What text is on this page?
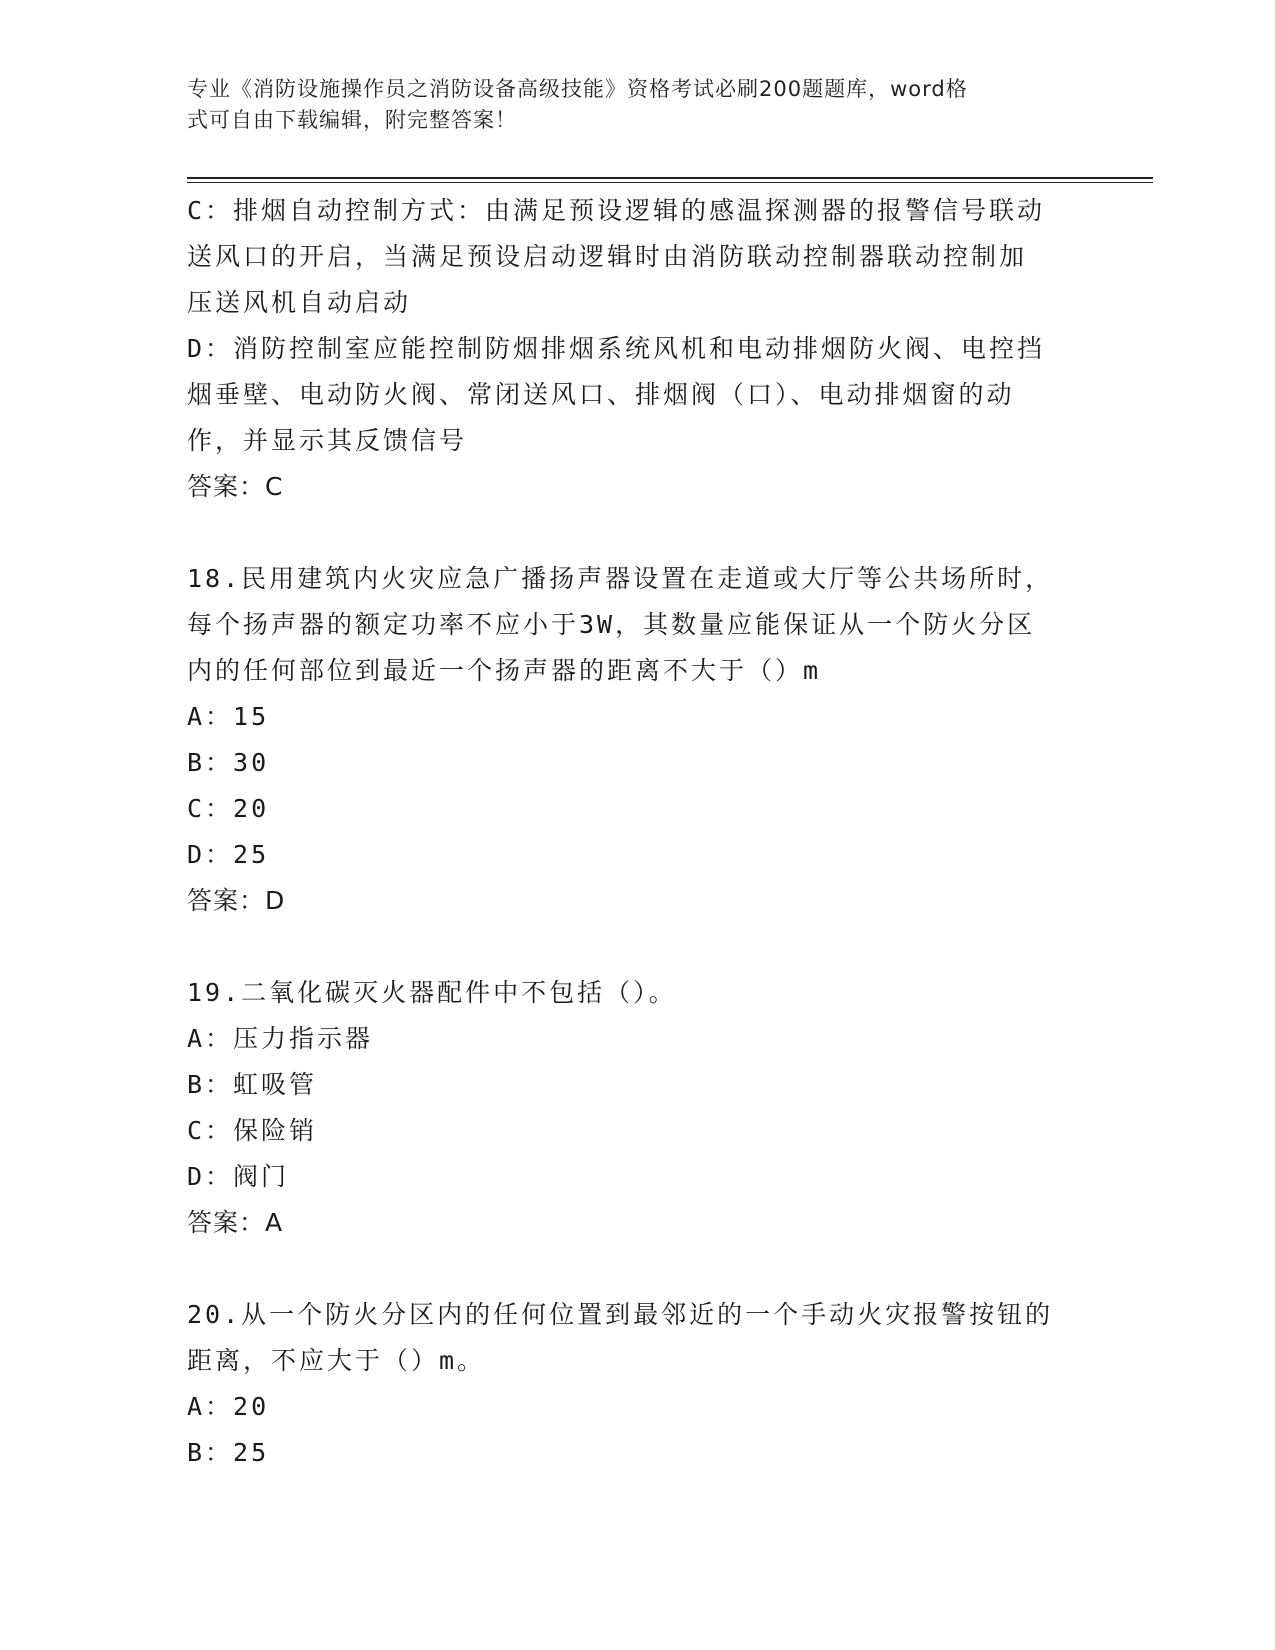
专业《消防设施操作员之消防设备高级技能》资格考试必刷200题题库，word格
式可自由下载编辑，附完整答案！
C：排烟自动控制方式：由满足预设逻辑的感温探测器的报警信号联动
送风口的开启，当满足预设启动逻辑时由消防联动控制器联动控制加
压送风机自动启动
D：消防控制室应能控制防烟排烟系统风机和电动排烟防火阀、电控挡
烟垂壁、电动防火阀、常闭送风口、排烟阀（口）、电动排烟窗的动
作，并显示其反馈信号
答案：C
18.民用建筑内火灾应急广播扬声器设置在走道或大厅等公共场所时，
每个扬声器的额定功率不应小于3W，其数量应能保证从一个防火分区
内的任何部位到最近一个扬声器的距离不大于（）m
A：15
B：30
C：20
D：25
答案：D
19.二氧化碳灭火器配件中不包括（）。
A：压力指示器
B：虹吸管
C：保险销
D：阀门
答案：A
20.从一个防火分区内的任何位置到最邻近的一个手动火灾报警按钮的
距离，不应大于（）m。
A：20
B：25
